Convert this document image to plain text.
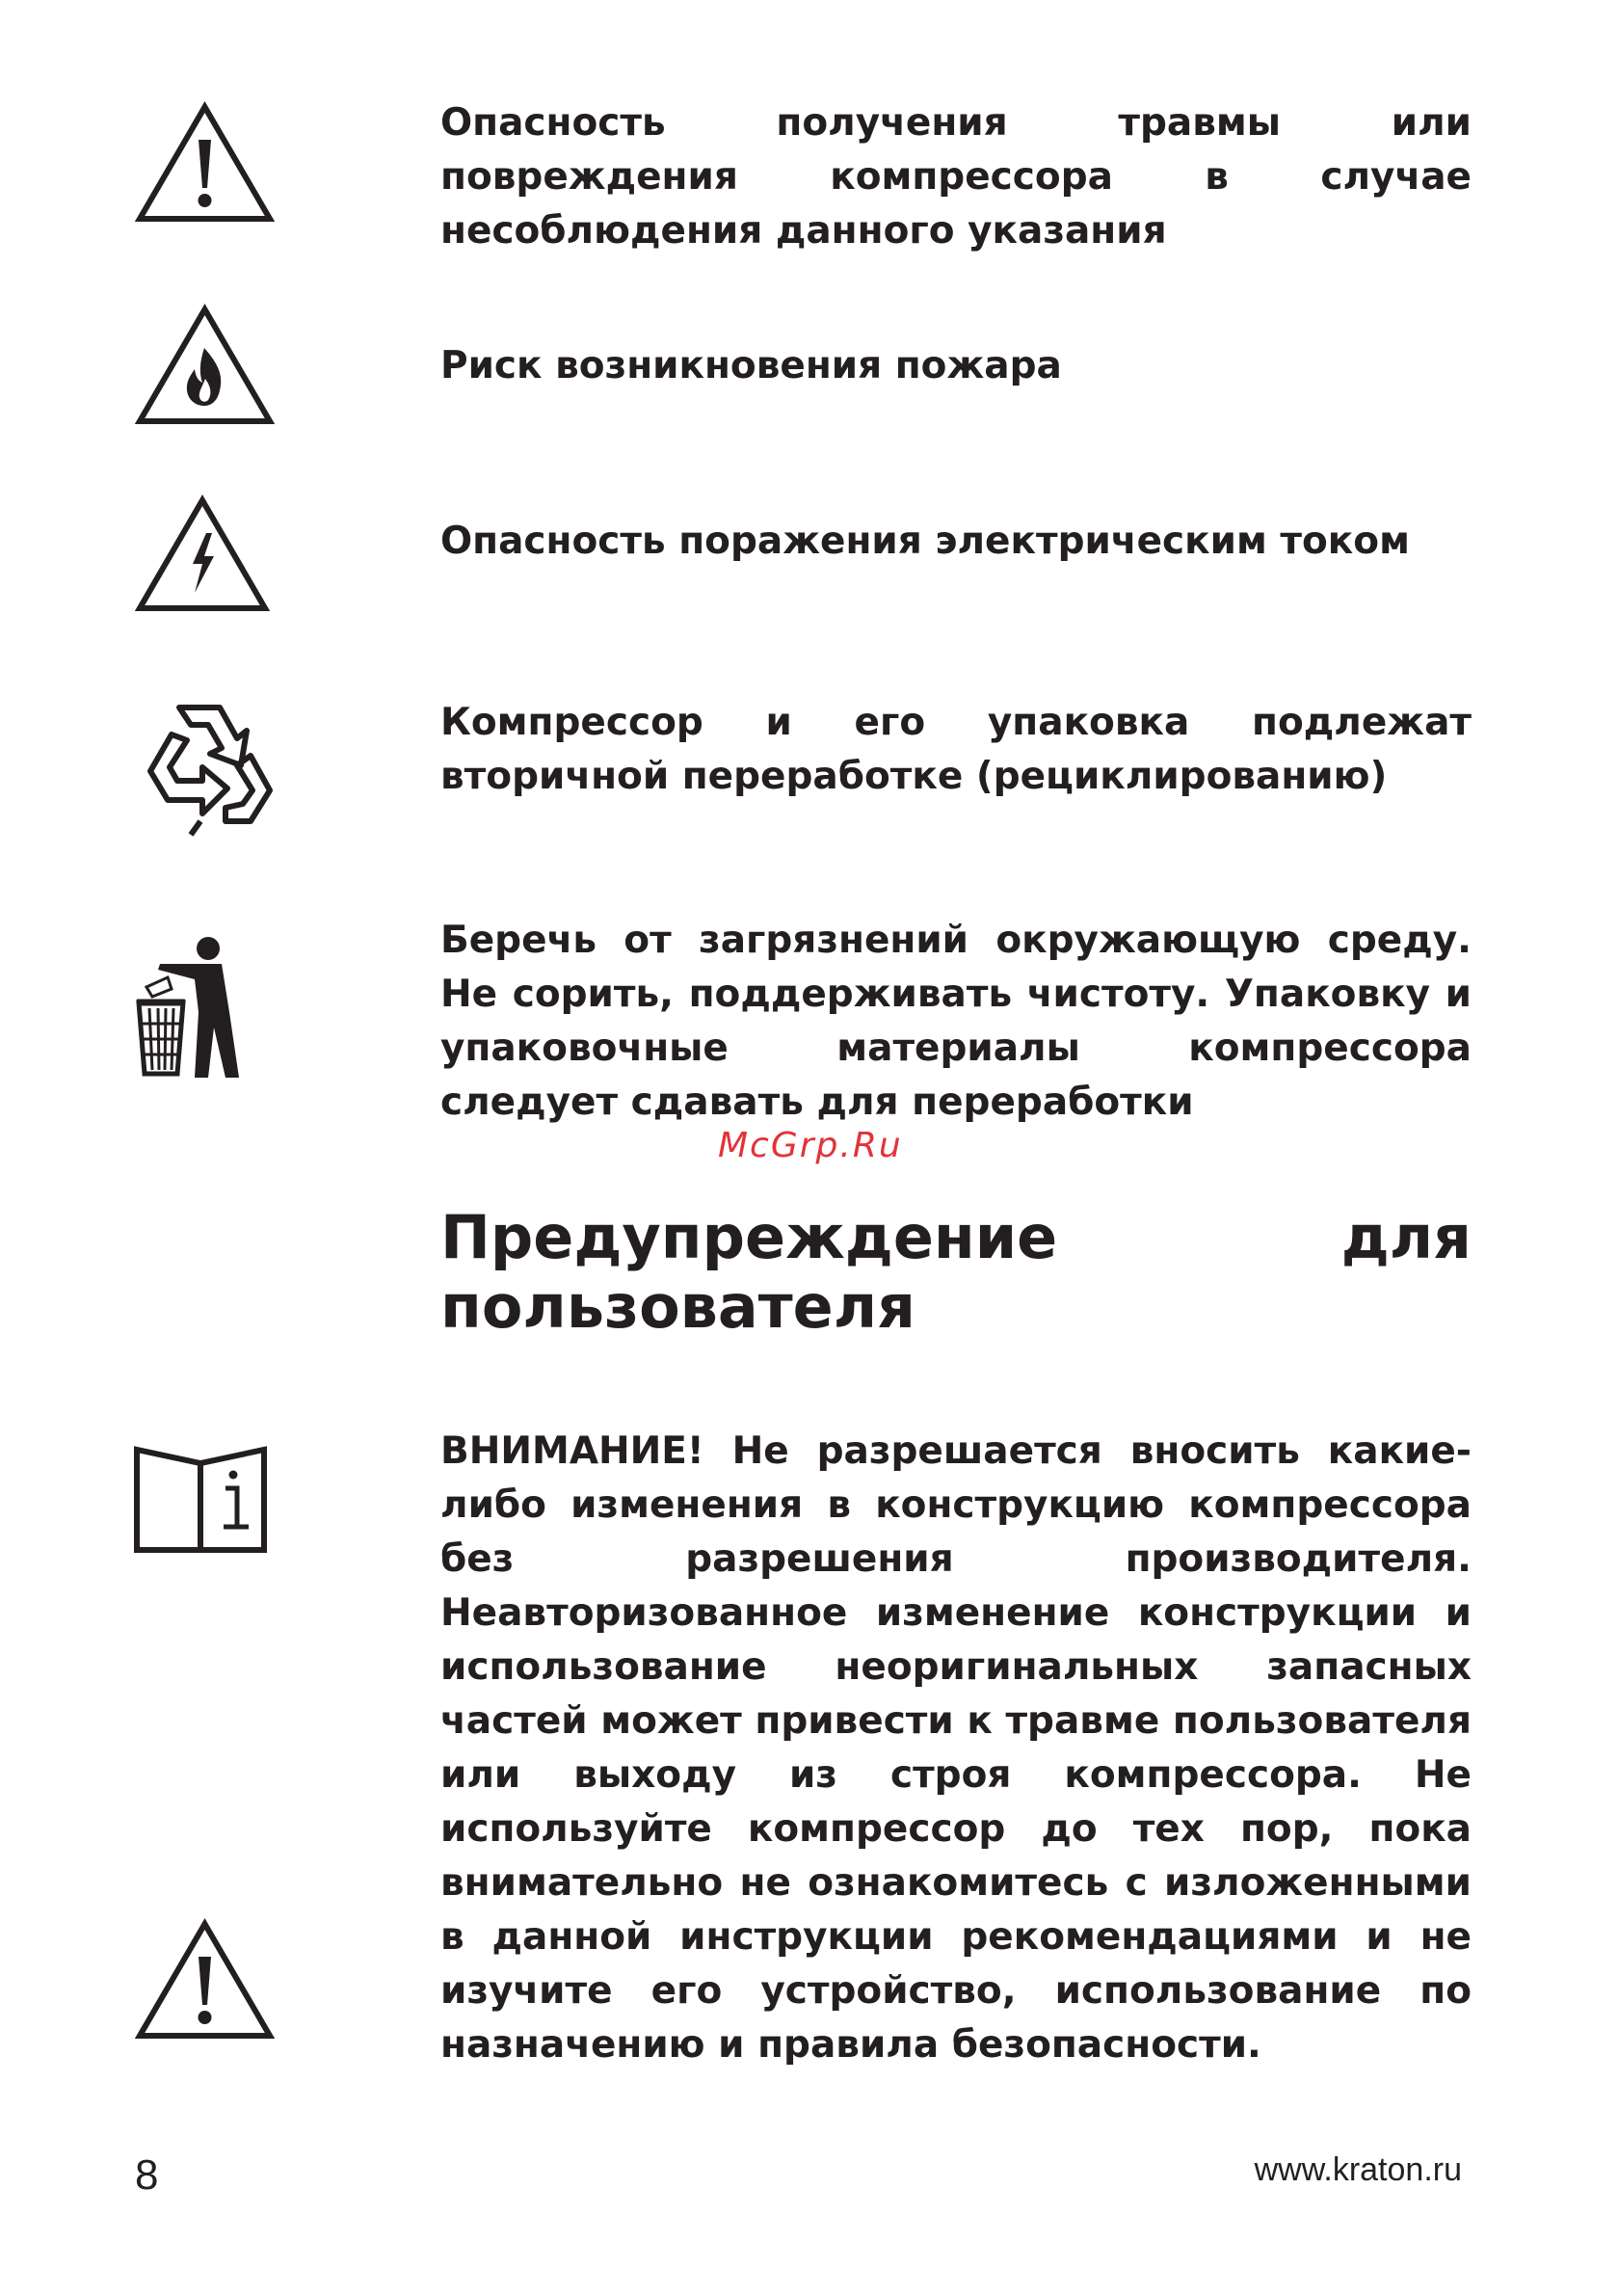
Опасность получения травмы или повреждения компрессора в случае несоблюдения данного указания

Риск возникновения пожара

Опасность поражения электрическим током

Компрессор и его упаковка подлежат вторичной переработке (рециклированию)

Беречь от загрязнений окружающую среду. Не сорить, поддерживать чистоту. Упаковку и упаковочные материалы компрессора следует сдавать для переработки

McGrp.Ru
Предупреждение для пользователя

ВНИМАНИЕ! Не разрешается вносить какие-либо изменения в конструкцию компрессора без разрешения производителя. Неавторизованное изменение конструкции и использование неоригинальных запасных частей может привести к травме пользователя или выходу из строя компрессора. Не используйте компрессор до тех пор, пока внимательно не ознакомитесь с изложенными в данной инструкции рекомендациями и не изучите его устройство, использование по назначению и правила безопасности.

8	www.kraton.ru
